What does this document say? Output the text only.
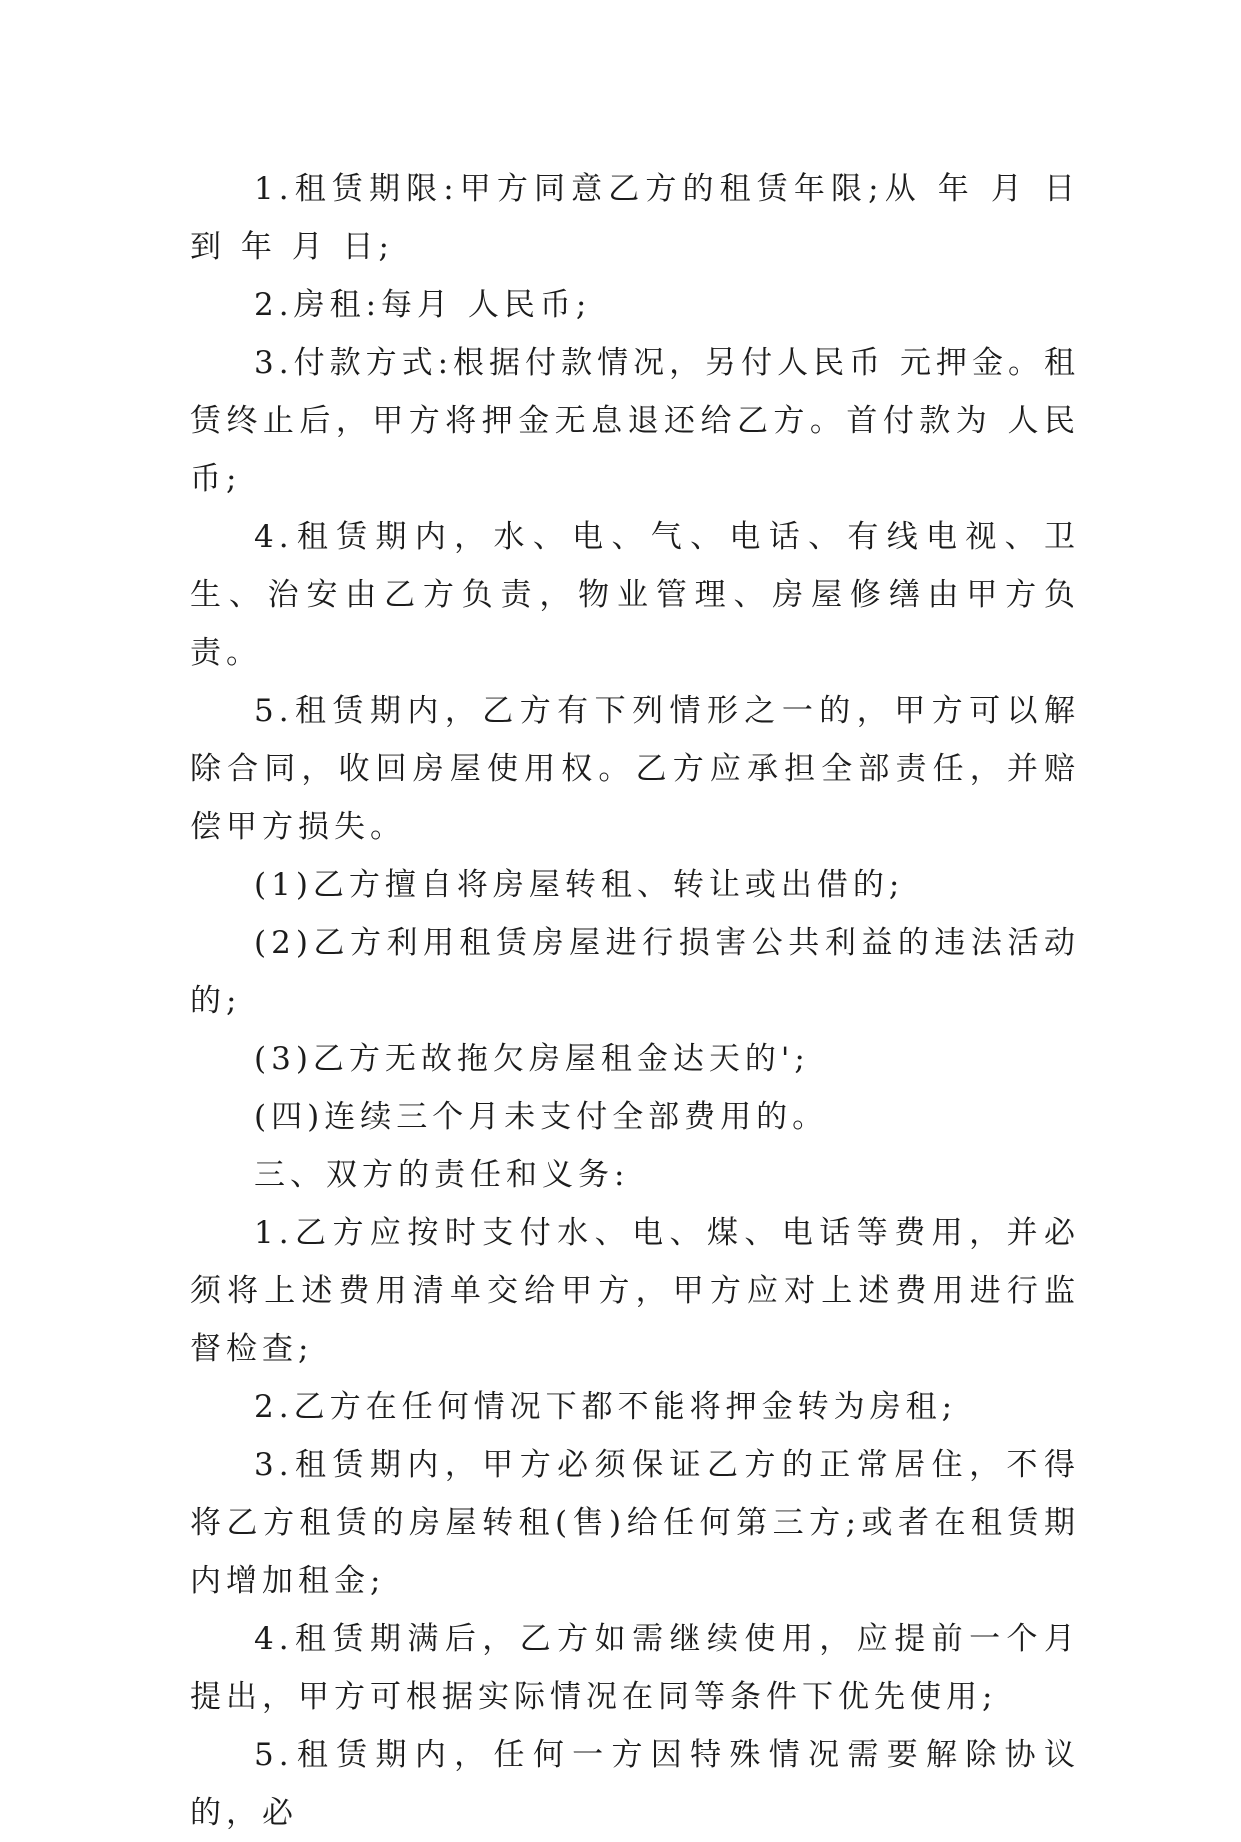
1.租赁期限:甲方同意乙方的租赁年限;从 年 月 日到 年 月 日;

2.房租:每月 人民币;

3.付款方式:根据付款情况，另付人民币 元押金。租赁终止后，甲方将押金无息退还给乙方。首付款为 人民币;

4.租赁期内，水、电、气、电话、有线电视、卫生、治安由乙方负责，物业管理、房屋修缮由甲方负责。

5.租赁期内，乙方有下列情形之一的，甲方可以解除合同，收回房屋使用权。乙方应承担全部责任，并赔偿甲方损失。

(1)乙方擅自将房屋转租、转让或出借的;

(2)乙方利用租赁房屋进行损害公共利益的违法活动的;

(3)乙方无故拖欠房屋租金达天的';

(四)连续三个月未支付全部费用的。

三、双方的责任和义务:

1.乙方应按时支付水、电、煤、电话等费用，并必须将上述费用清单交给甲方，甲方应对上述费用进行监督检查;

2.乙方在任何情况下都不能将押金转为房租;

3.租赁期内，甲方必须保证乙方的正常居住，不得将乙方租赁的房屋转租(售)给任何第三方;或者在租赁期内增加租金;

4.租赁期满后，乙方如需继续使用，应提前一个月提出，甲方可根据实际情况在同等条件下优先使用;

5.租赁期内，任何一方因特殊情况需要解除协议的，必
